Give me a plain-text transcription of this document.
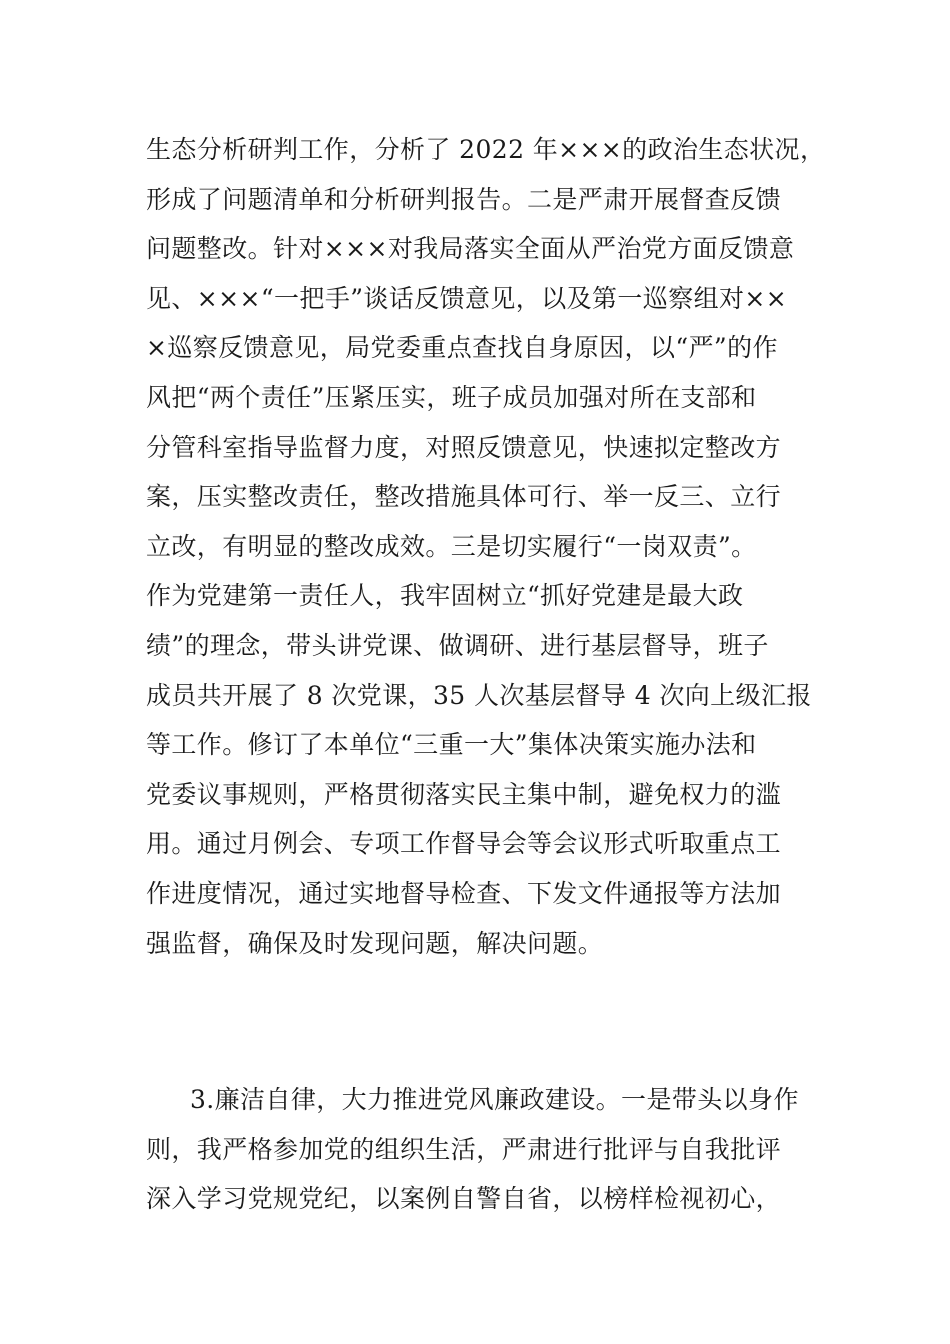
生态分析研判工作，分析了 2022 年×××的政治生态状况，
形成了问题清单和分析研判报告。二是严肃开展督查反馈
问题整改。针对×××对我局落实全面从严治党方面反馈意
见、×××“一把手”谈话反馈意见，以及第一巡察组对××
×巡察反馈意见，局党委重点查找自身原因，以“严”的作
风把“两个责任”压紧压实，班子成员加强对所在支部和
分管科室指导监督力度，对照反馈意见，快速拟定整改方
案，压实整改责任，整改措施具体可行、举一反三、立行
立改，有明显的整改成效。三是切实履行“一岗双责”。
作为党建第一责任人，我牢固树立“抓好党建是最大政
绩”的理念，带头讲党课、做调研、进行基层督导，班子
成员共开展了 8 次党课，35 人次基层督导 4 次向上级汇报
等工作。修订了本单位“三重一大”集体决策实施办法和
党委议事规则，严格贯彻落实民主集中制，避免权力的滥
用。通过月例会、专项工作督导会等会议形式听取重点工
作进度情况，通过实地督导检查、下发文件通报等方法加
强监督，确保及时发现问题，解决问题。
3.廉洁自律，大力推进党风廉政建设。一是带头以身作
则，我严格参加党的组织生活，严肃进行批评与自我批评
深入学习党规党纪，以案例自警自省，以榜样检视初心，
